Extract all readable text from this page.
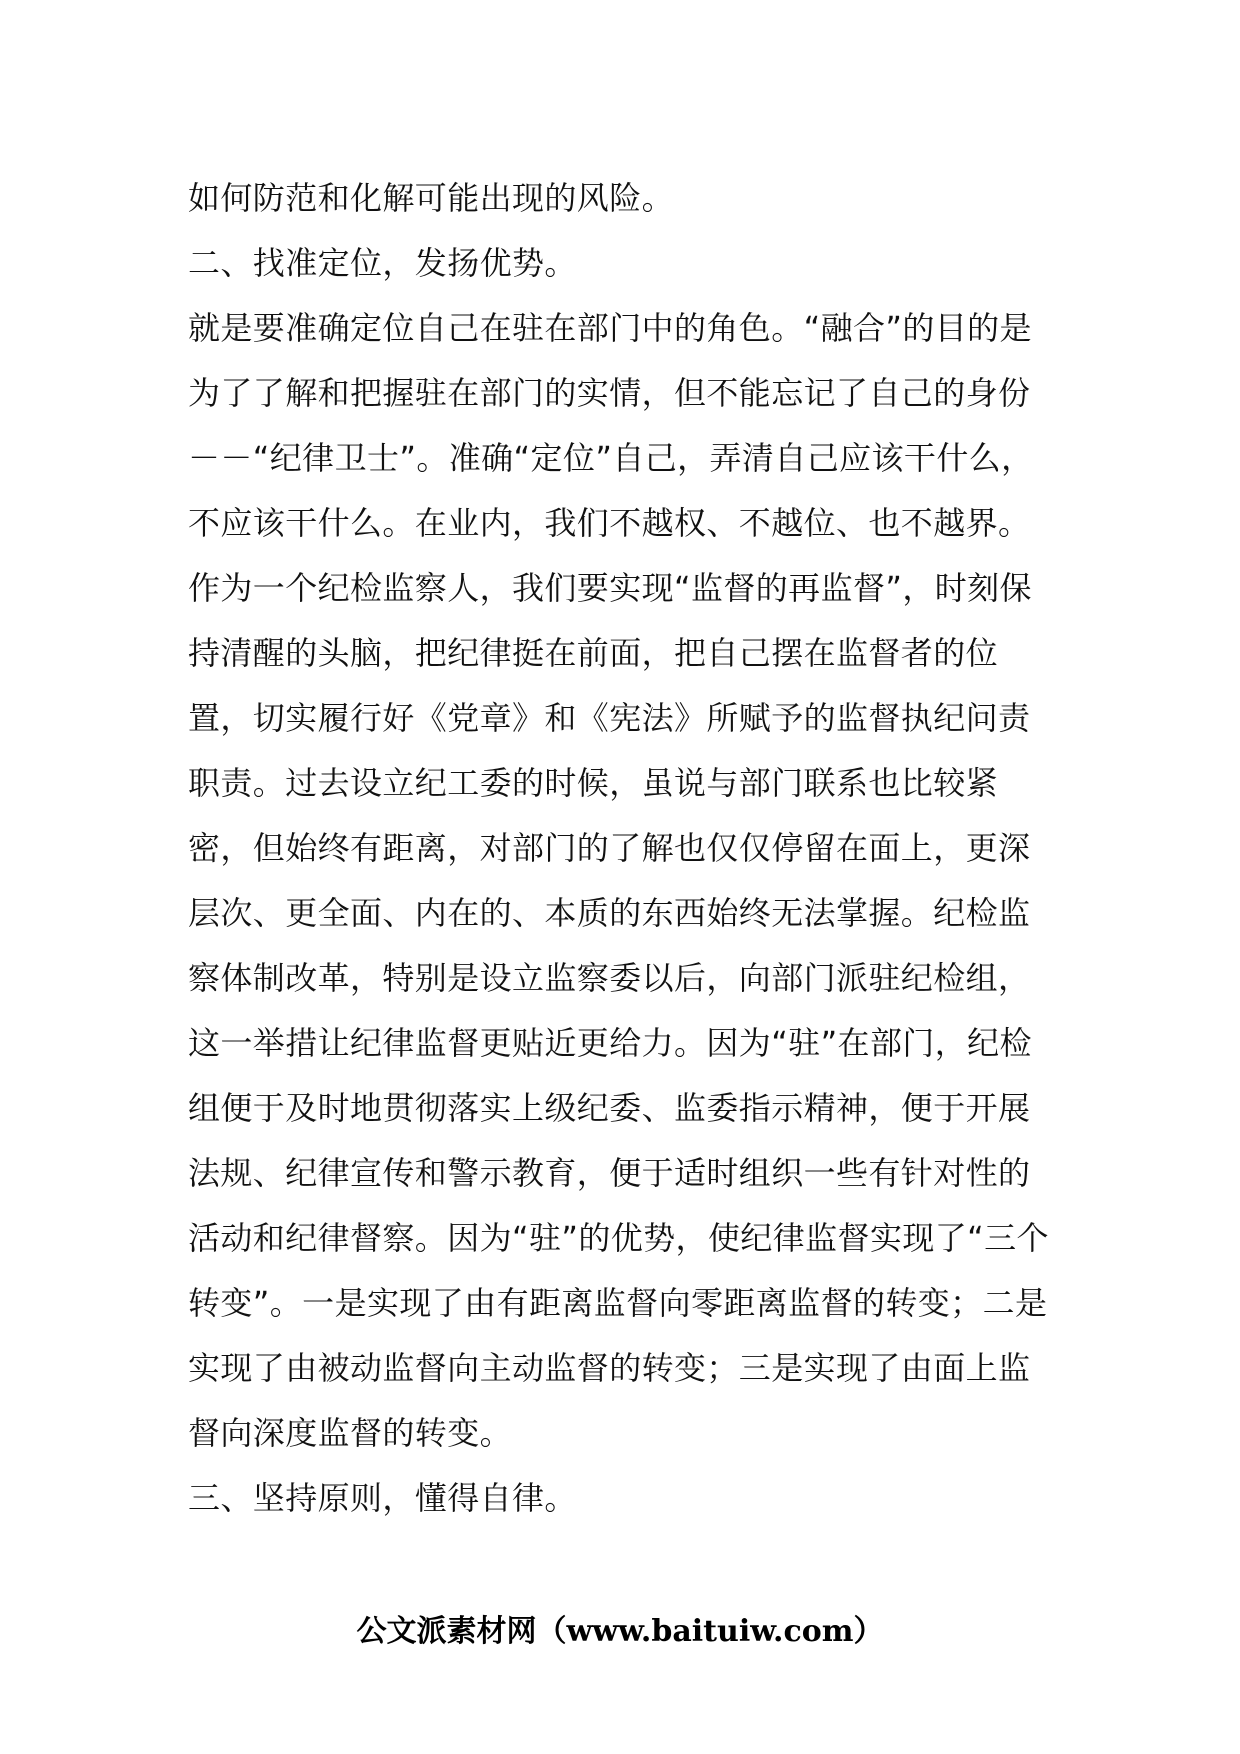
如何防范和化解可能出现的风险。

二、找准定位，发扬优势。

就是要准确定位自己在驻在部门中的角色。“融合”的目的是为了了解和把握驻在部门的实情，但不能忘记了自己的身份－－“纪律卫士”。准确“定位”自己，弄清自己应该干什么，不应该干什么。在业内，我们不越权、不越位、也不越界。作为一个纪检监察人，我们要实现“监督的再监督”，时刻保持清醒的头脑，把纪律挺在前面，把自己摆在监督者的位置，切实履行好《党章》和《宪法》所赋予的监督执纪问责职责。过去设立纪工委的时候，虽说与部门联系也比较紧密，但始终有距离，对部门的了解也仅仅停留在面上，更深层次、更全面、内在的、本质的东西始终无法掌握。纪检监察体制改革，特别是设立监察委以后，向部门派驻纪检组，这一举措让纪律监督更贴近更给力。因为“驻”在部门，纪检组便于及时地贯彻落实上级纪委、监委指示精神，便于开展法规、纪律宣传和警示教育，便于适时组织一些有针对性的活动和纪律督察。因为“驻”的优势，使纪律监督实现了“三个转变”。一是实现了由有距离监督向零距离监督的转变；二是实现了由被动监督向主动监督的转变；三是实现了由面上监督向深度监督的转变。

三、坚持原则，懂得自律。

公文派素材网（www.baituiw.com）
